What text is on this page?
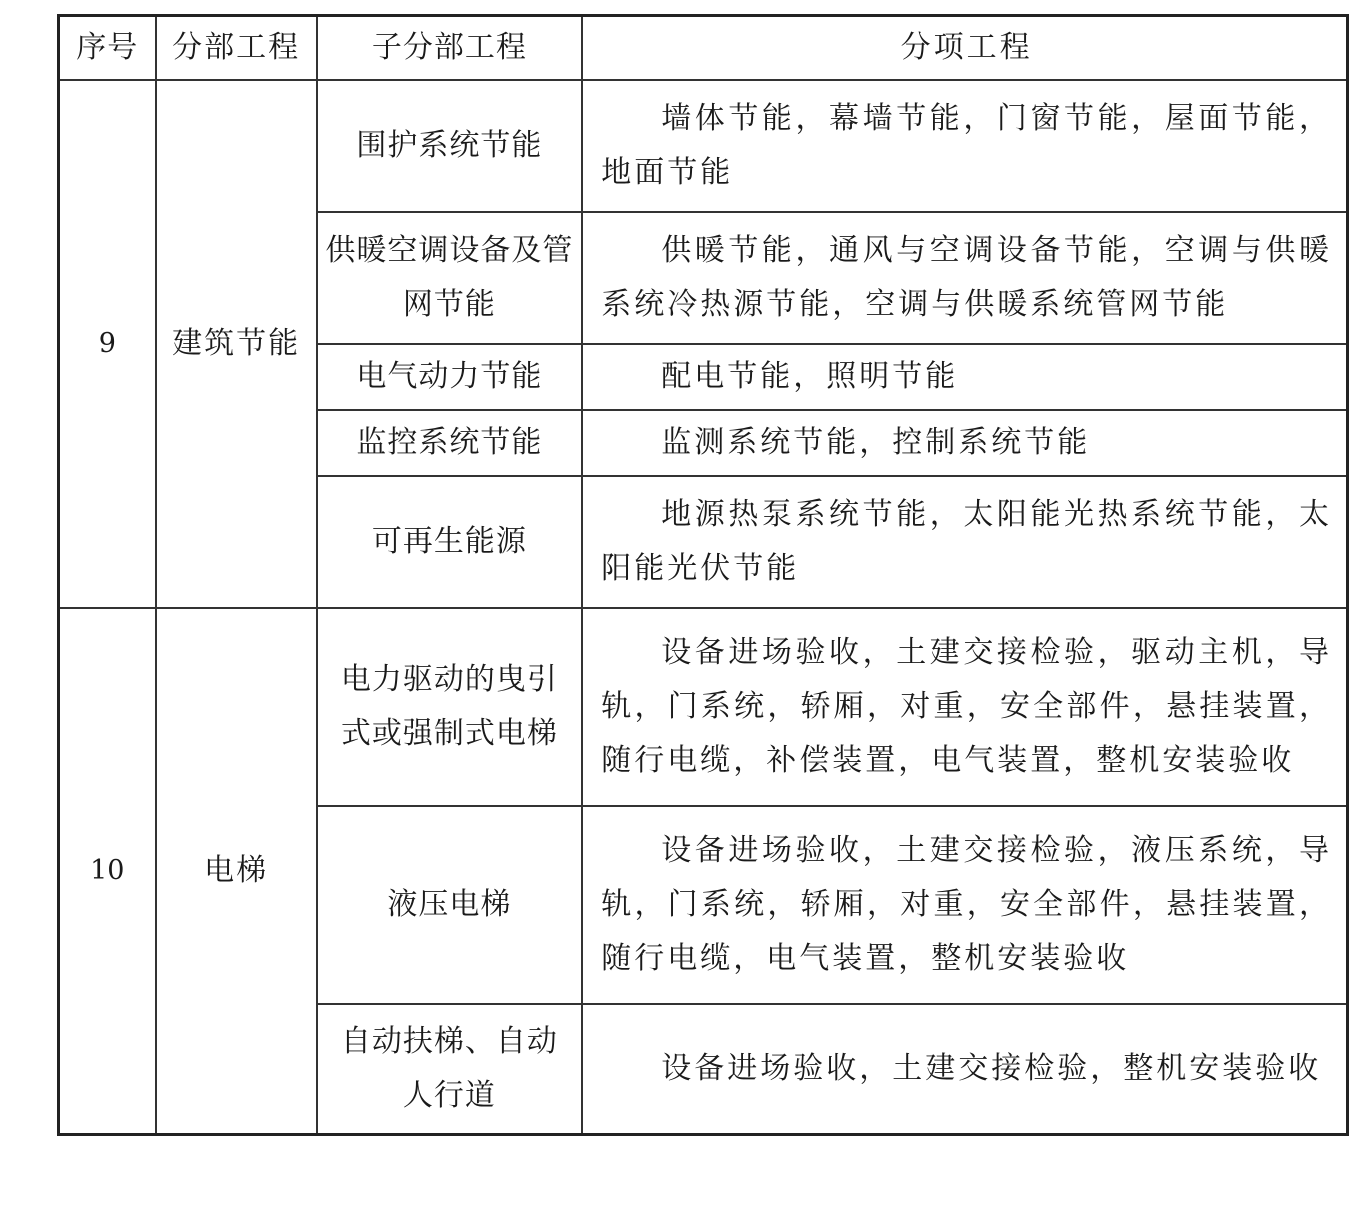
序号	分部工程	子分部工程	分项工程
9	建筑节能	围护系统节能	墙体节能，幕墙节能，门窗节能，屋面节能，地面节能

		供暖空调设备及管网节能	供暖节能，通风与空调设备节能，空调与供暖系统冷热源节能，空调与供暖系统管网节能

		电气动力节能	配电节能，照明节能

		监控系统节能	监测系统节能，控制系统节能

		可再生能源	地源热泵系统节能，太阳能光热系统节能，太阳能光伏节能

10	电梯	电力驱动的曳引式或强制式电梯	设备进场验收，土建交接检验，驱动主机，导轨，门系统，轿厢，对重，安全部件，悬挂装置，随行电缆，补偿装置，电气装置，整机安装验收

		液压电梯	设备进场验收，土建交接检验，液压系统，导轨，门系统，轿厢，对重，安全部件，悬挂装置，随行电缆，电气装置，整机安装验收

		自动扶梯、自动人行道	设备进场验收，土建交接检验，整机安装验收
